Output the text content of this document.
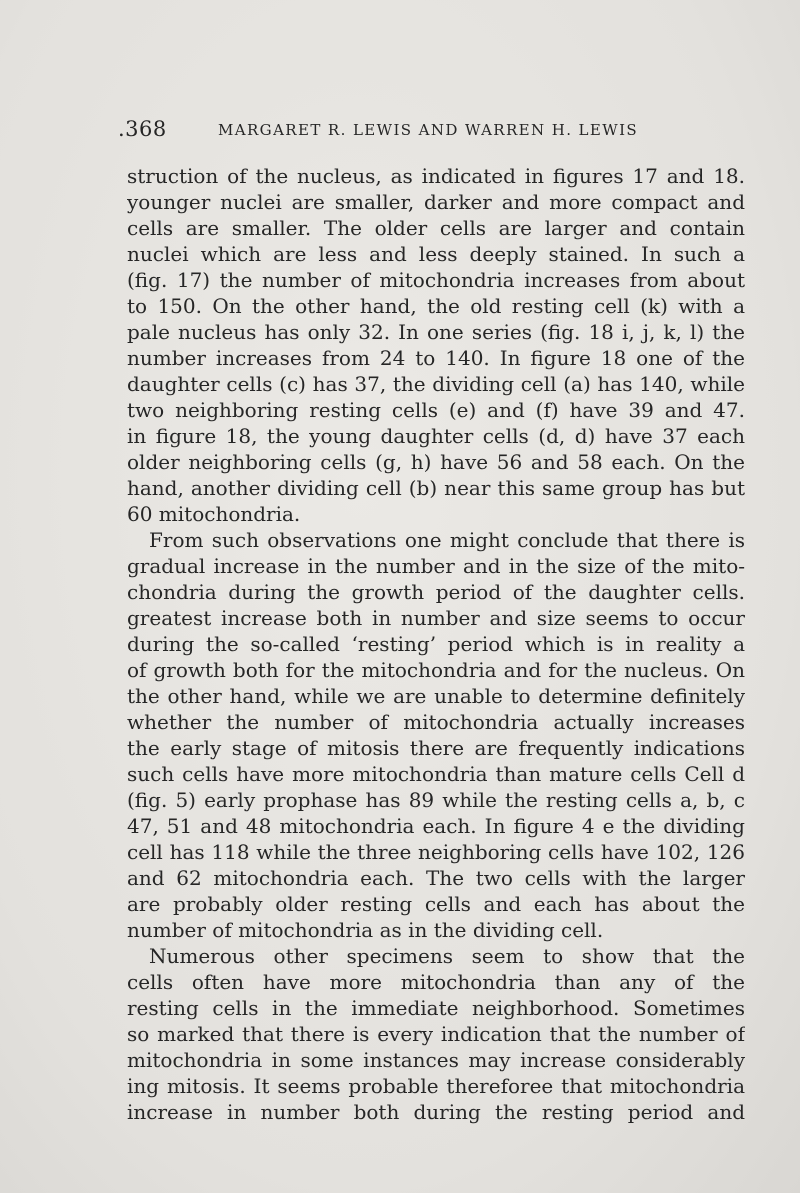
.368	MARGARET R. LEWIS AND WARREN H. LEWIS
struction of the nucleus, as indicated in figures 17 and 18.
younger nuclei are smaller, darker and more compact and
cells are smaller. The older cells are larger and contain
nuclei which are less and less deeply stained. In such a
(fig. 17) the number of mitochondria increases from about
to 150. On the other hand, the old resting cell (k) with a
pale nucleus has only 32. In one series (fig. 18 i, j, k, l) the
number increases from 24 to 140. In figure 18 one of the
daughter cells (c) has 37, the dividing cell (a) has 140, while
two neighboring resting cells (e) and (f) have 39 and 47.
in figure 18, the young daughter cells (d, d) have 37 each
older neighboring cells (g, h) have 56 and 58 each. On the
hand, another dividing cell (b) near this same group has but
60 mitochondria.
From such observations one might conclude that there is
gradual increase in the number and in the size of the mito-
chondria during the growth period of the daughter cells.
greatest increase both in number and size seems to occur
during the so-called ‘resting’ period which is in reality a
of growth both for the mitochondria and for the nucleus. On
the other hand, while we are unable to determine definitely
whether the number of mitochondria actually increases
the early stage of mitosis there are frequently indications
such cells have more mitochondria than mature cells Cell d
(fig. 5) early prophase has 89 while the resting cells a, b, c
47, 51 and 48 mitochondria each. In figure 4 e the dividing
cell has 118 while the three neighboring cells have 102, 126
and 62 mitochondria each. The two cells with the larger
are probably older resting cells and each has about the
number of mitochondria as in the dividing cell.
Numerous other specimens seem to show that the
cells often have more mitochondria than any of the
resting cells in the immediate neighborhood. Sometimes
so marked that there is every indication that the number of
mitochondria in some instances may increase considerably
ing mitosis. It seems probable thereforee that mitochondria
increase in number both during the resting period and
